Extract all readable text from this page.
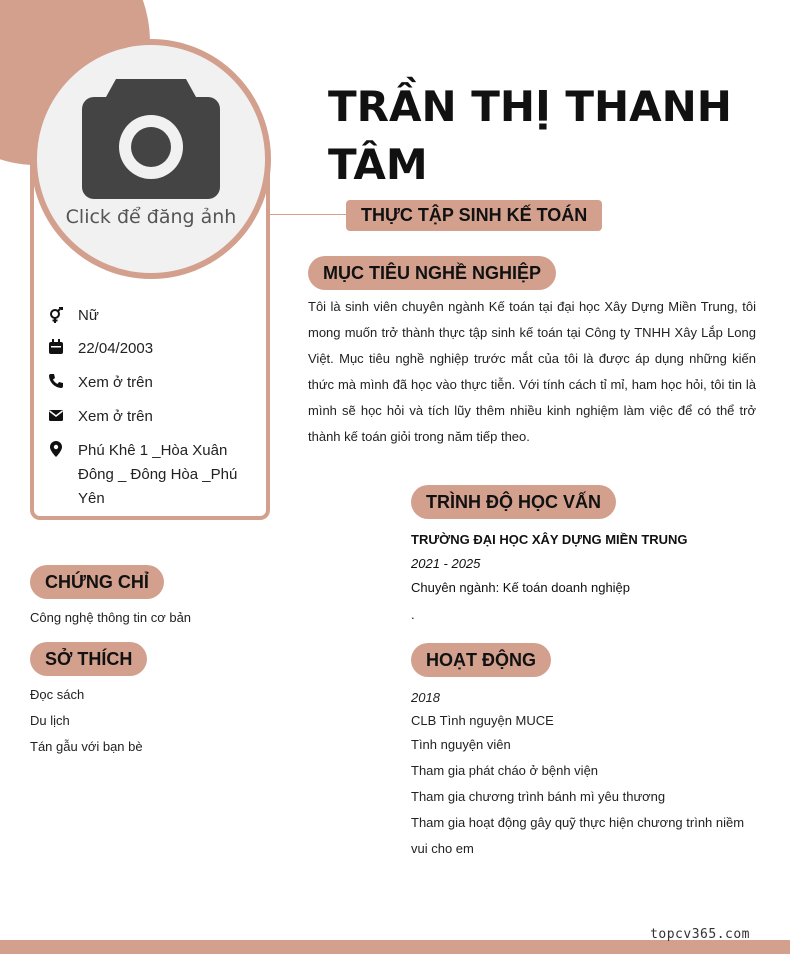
Click để đăng ảnh
Nữ
22/04/2003
Xem ở trên
Xem ở trên
Phú Khê 1 _Hòa Xuân Đông _ Đông Hòa _Phú Yên
TRẦN THỊ THANH TÂM
THỰC TẬP SINH KẾ TOÁN
MỤC TIÊU NGHỀ NGHIỆP
Tôi là sinh viên chuyên ngành Kế toán tại đại học Xây Dựng Miền Trung, tôi mong muốn trở thành thực tập sinh kế toán tại Công ty TNHH Xây Lắp Long Việt. Mục tiêu nghề nghiệp trước mắt của tôi là được áp dụng những kiến thức mà mình đã học vào thực tiễn. Với tính cách tỉ mỉ, ham học hỏi, tôi tin là mình sẽ học hỏi và tích lũy thêm nhiều kinh nghiệm làm việc để có thể trở thành kế toán giỏi trong năm tiếp theo.
TRÌNH ĐỘ HỌC VẤN
TRƯỜNG ĐẠI HỌC XÂY DỰNG MIỀN TRUNG
2021 - 2025
Chuyên ngành: Kế toán doanh nghiệp
.
CHỨNG CHỈ
Công nghệ thông tin cơ bản
SỞ THÍCH
Đọc sách
Du lịch
Tán gẫu với bạn bè
HOẠT ĐỘNG
2018
CLB Tình nguyện MUCE
Tình nguyện viên
Tham gia phát cháo ở bệnh viện
Tham gia chương trình bánh mì yêu thương
Tham gia hoạt động gây quỹ thực hiện chương trình niềm vui cho em
topcv365.com
